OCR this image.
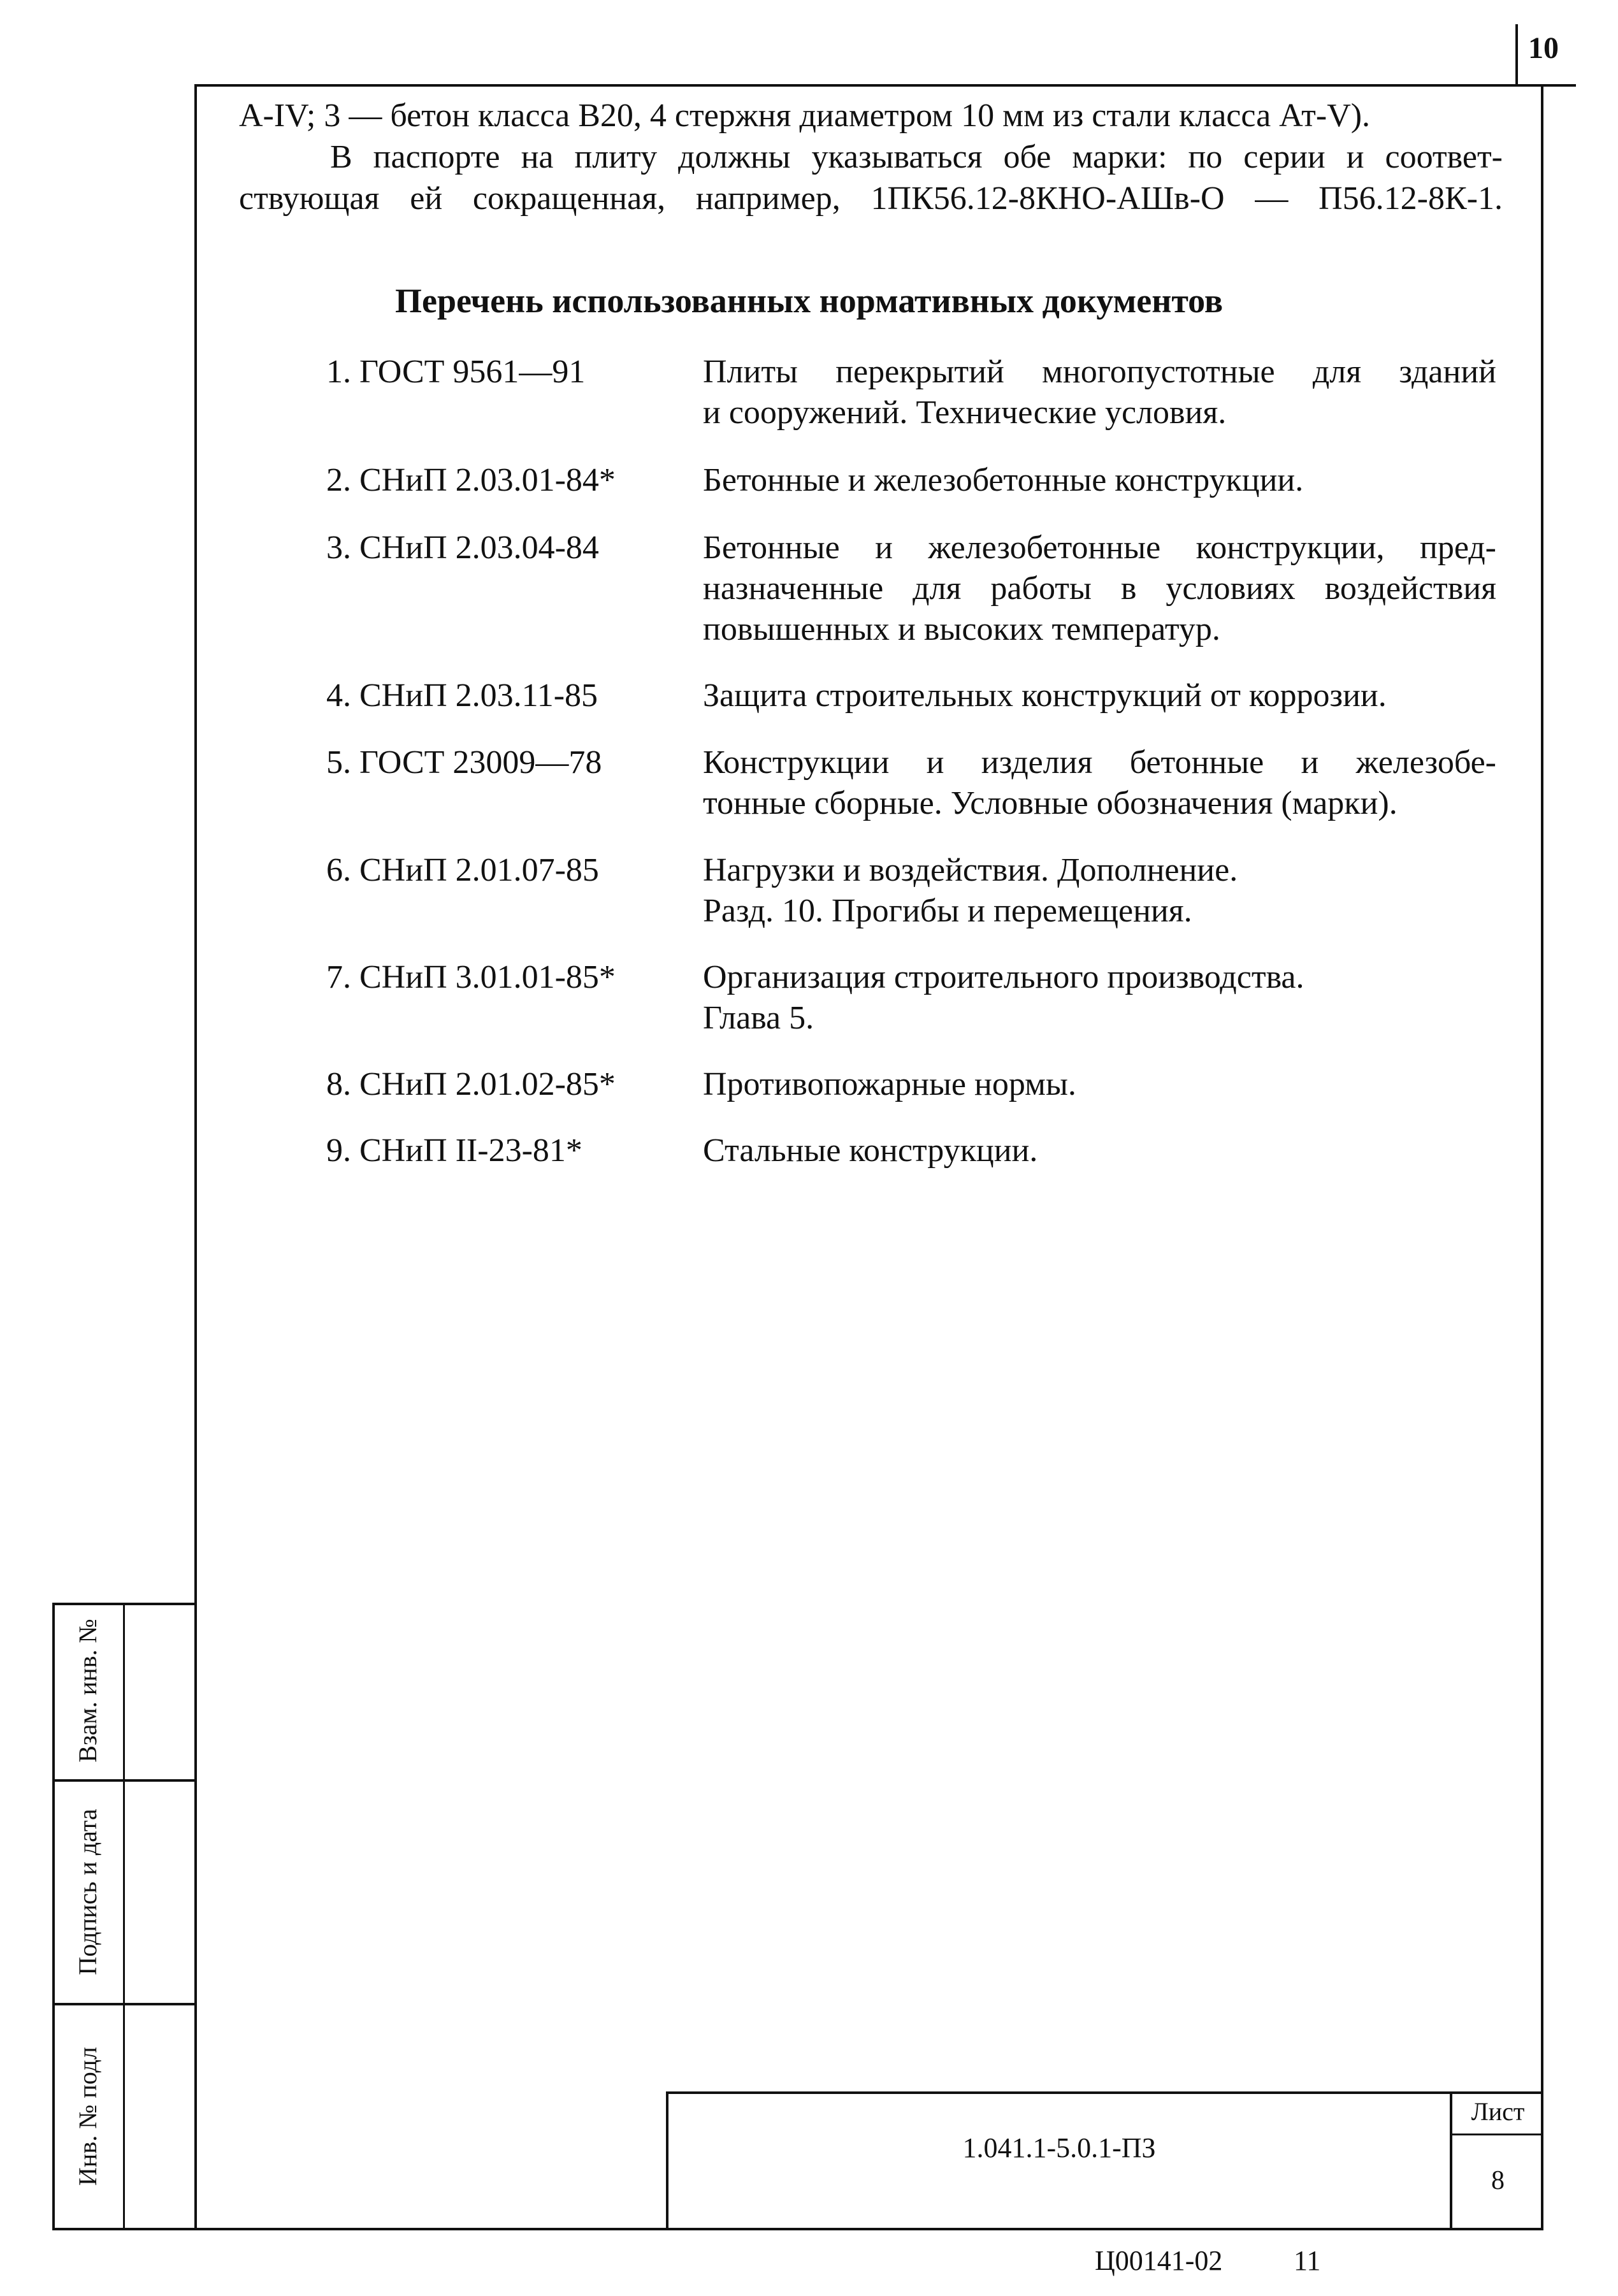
10
A-IV; 3 — бетон класса В20, 4 стержня диаметром 10 мм из стали класса Ат-V).
В паспорте на плиту должны указываться обе марки: по серии и соответ-
ствующая ей сокращенная, например, 1ПК56.12-8КНО-АШв-О — П56.12-8К-1.
Перечень использованных нормативных документов
1. ГОСТ 9561—91	Плиты перекрытий многопустотные для зданий
и сооружений. Технические условия.
2. СНиП 2.03.01-84*	Бетонные и железобетонные конструкции.
3. СНиП 2.03.04-84	Бетонные и железобетонные конструкции, пред-
назначенные для работы в условиях воздействия
повышенных и высоких температур.
4. СНиП 2.03.11-85	Защита строительных конструкций от коррозии.
5. ГОСТ 23009—78	Конструкции и изделия бетонные и железобе-
тонные сборные. Условные обозначения (марки).
6. СНиП 2.01.07-85	Нагрузки и воздействия. Дополнение.
Разд. 10. Прогибы и перемещения.
7. СНиП 3.01.01-85*	Организация строительного производства.
Глава 5.
8. СНиП 2.01.02-85*	Противопожарные нормы.
9. СНиП II-23-81*	Стальные конструкции.
Взам. инв. №
Подпись и дата
Инв. № подл	1.041.1-5.0.1-ПЗ
Лист
8
Ц00141-02	11
